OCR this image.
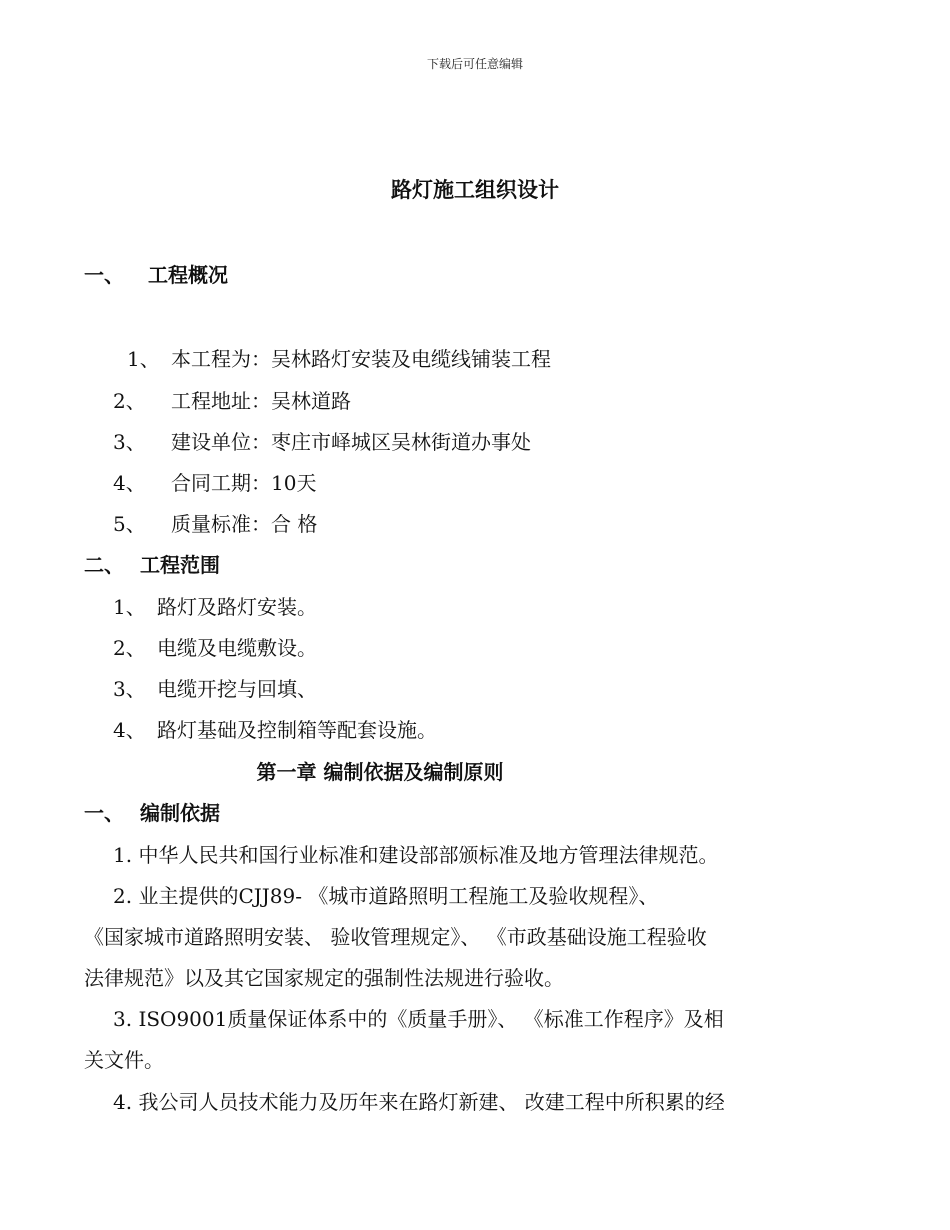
下载后可任意编辑
路灯施工组织设计
一、 工程概况
1、 本工程为：吴林路灯安装及电缆线铺装工程
2、 工程地址：吴林道路
3、 建设单位：枣庄市峄城区吴林街道办事处
4、 合同工期：10天
5、 质量标准：合 格
二、 工程范围
1、 路灯及路灯安装。
2、 电缆及电缆敷设。
3、 电缆开挖与回填、
4、 路灯基础及控制箱等配套设施。
第一章 编制依据及编制原则
一、 编制依据
1. 中华人民共和国行业标准和建设部部颁标准及地方管理法律规范。
2. 业主提供的CJJ89- 《城市道路照明工程施工及验收规程》、
《国家城市道路照明安装、 验收管理规定》、 《市政基础设施工程验收
法律规范》以及其它国家规定的强制性法规进行验收。
3. ISO9001质量保证体系中的《质量手册》、 《标准工作程序》及相
关文件。
4. 我公司人员技术能力及历年来在路灯新建、 改建工程中所积累的经
